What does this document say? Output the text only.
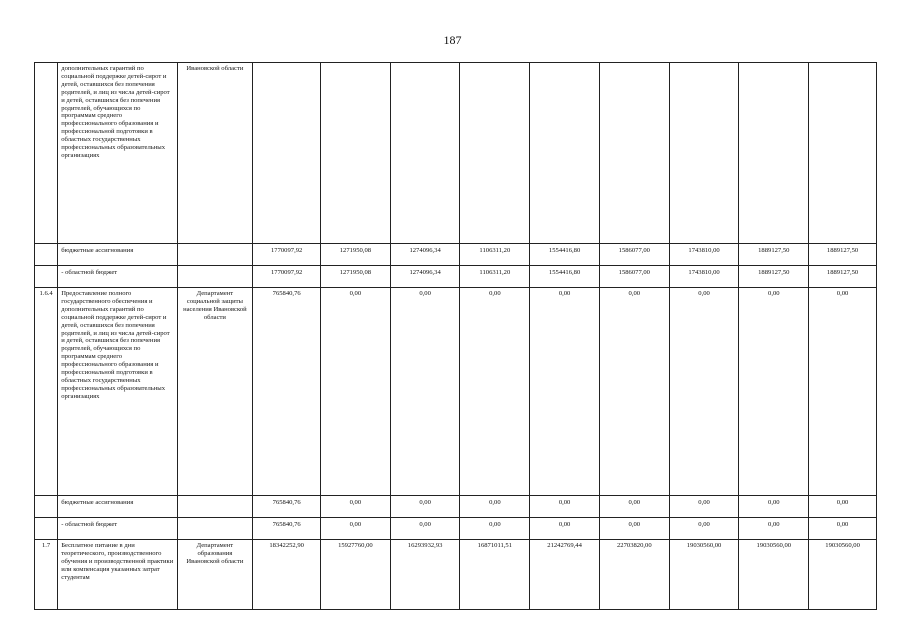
187
	дополнительных гарантий по социальной поддержке детей-сирот и детей, оставшихся без попечения родителей, и лиц из числа детей-сирот и детей, оставшихся без попечения родителей, обучающихся по программам среднего профессионального образования и профессиональной подготовки в областных государственных профессиональных образовательных организациях	Ивановской области									
	бюджетные ассигнования		1770097,92	1271950,08	1274096,34	1106311,20	1554416,80	1586077,00	1743810,00	1889127,50	1889127,50
	- областной бюджет		1770097,92	1271950,08	1274096,34	1106311,20	1554416,80	1586077,00	1743810,00	1889127,50	1889127,50
1.6.4	Предоставление полного государственного обеспечения и дополнительных гарантий по социальной поддержке детей-сирот и детей, оставшихся без попечения родителей, и лиц из числа детей-сирот и детей, оставшихся без попечения родителей, обучающихся по программам среднего профессионального образования и профессиональной подготовки в областных государственных профессиональных образовательных организациях	Департамент социальной защиты населения Ивановской области	765840,76	0,00	0,00	0,00	0,00	0,00	0,00	0,00	0,00
	бюджетные ассигнования		765840,76	0,00	0,00	0,00	0,00	0,00	0,00	0,00	0,00
	- областной бюджет		765840,76	0,00	0,00	0,00	0,00	0,00	0,00	0,00	0,00
1.7	Бесплатное питание в дни теоретического, производственного обучения и производственной практики или компенсация указанных затрат студентам	Департамент образования Ивановской области	18342252,90	15927760,00	16293932,93	16871011,51	21242769,44	22703820,00	19030560,00	19030560,00	19030560,00
